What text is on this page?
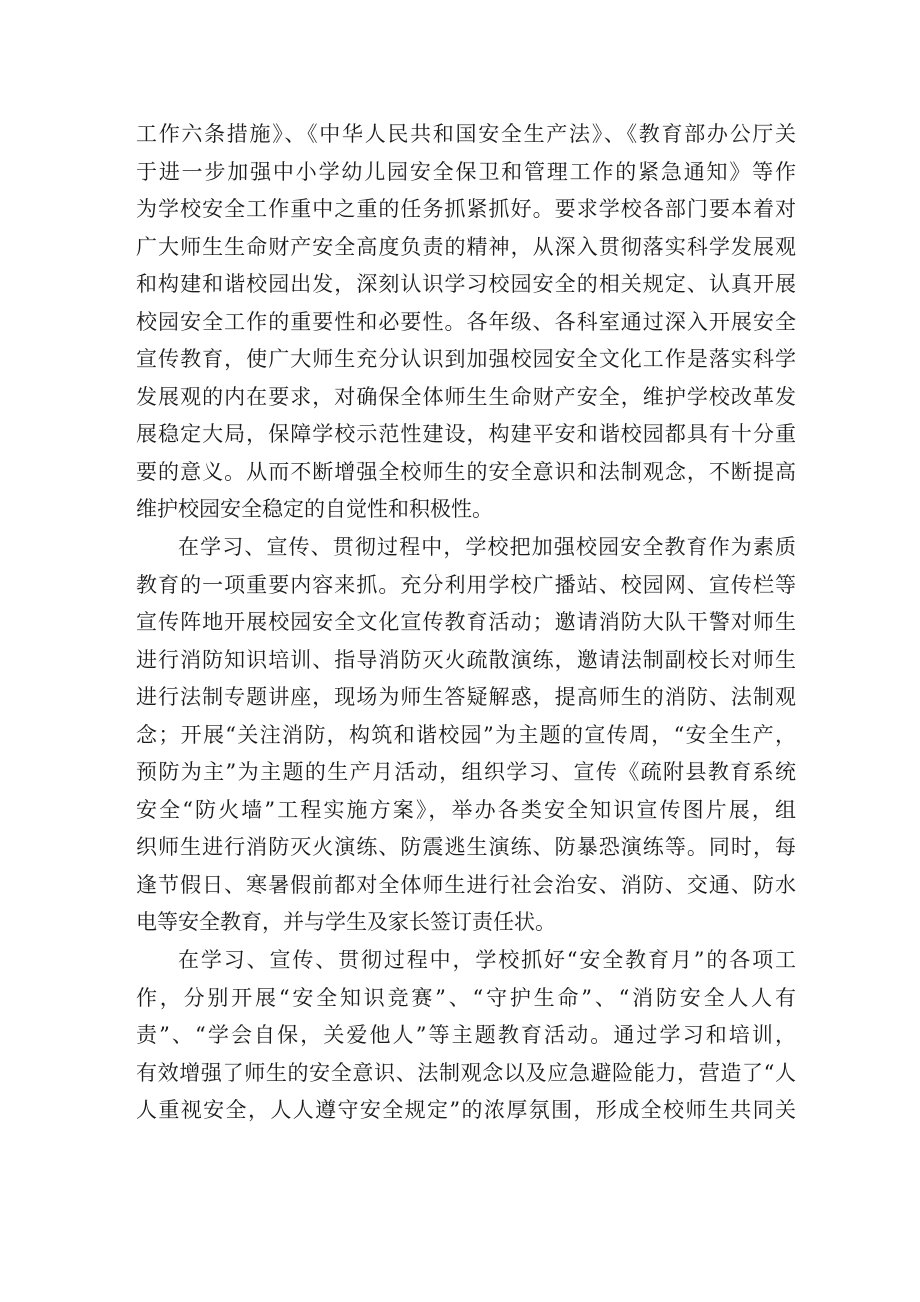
工作六条措施》、《中华人民共和国安全生产法》、《教育部办公厅关
于进一步加强中小学幼儿园安全保卫和管理工作的紧急通知》等作
为学校安全工作重中之重的任务抓紧抓好。要求学校各部门要本着对
广大师生生命财产安全高度负责的精神，从深入贯彻落实科学发展观
和构建和谐校园出发，深刻认识学习校园安全的相关规定、认真开展
校园安全工作的重要性和必要性。各年级、各科室通过深入开展安全
宣传教育，使广大师生充分认识到加强校园安全文化工作是落实科学
发展观的内在要求，对确保全体师生生命财产安全，维护学校改革发
展稳定大局，保障学校示范性建设，构建平安和谐校园都具有十分重
要的意义。从而不断增强全校师生的安全意识和法制观念，不断提高
维护校园安全稳定的自觉性和积极性。
在学习、宣传、贯彻过程中，学校把加强校园安全教育作为素质
教育的一项重要内容来抓。充分利用学校广播站、校园网、宣传栏等
宣传阵地开展校园安全文化宣传教育活动；邀请消防大队干警对师生
进行消防知识培训、指导消防灭火疏散演练，邀请法制副校长对师生
进行法制专题讲座，现场为师生答疑解惑，提高师生的消防、法制观
念；开展“关注消防，构筑和谐校园”为主题的宣传周，“安全生产，
预防为主”为主题的生产月活动，组织学习、宣传《疏附县教育系统
安全“防火墙”工程实施方案》，举办各类安全知识宣传图片展，组
织师生进行消防灭火演练、防震逃生演练、防暴恐演练等。同时，每
逢节假日、寒暑假前都对全体师生进行社会治安、消防、交通、防水
电等安全教育，并与学生及家长签订责任状。
在学习、宣传、贯彻过程中，学校抓好“安全教育月”的各项工
作，分别开展“安全知识竞赛”、“守护生命”、“消防安全人人有
责”、“学会自保，关爱他人”等主题教育活动。通过学习和培训，
有效增强了师生的安全意识、法制观念以及应急避险能力，营造了“人
人重视安全，人人遵守安全规定”的浓厚氛围，形成全校师生共同关
